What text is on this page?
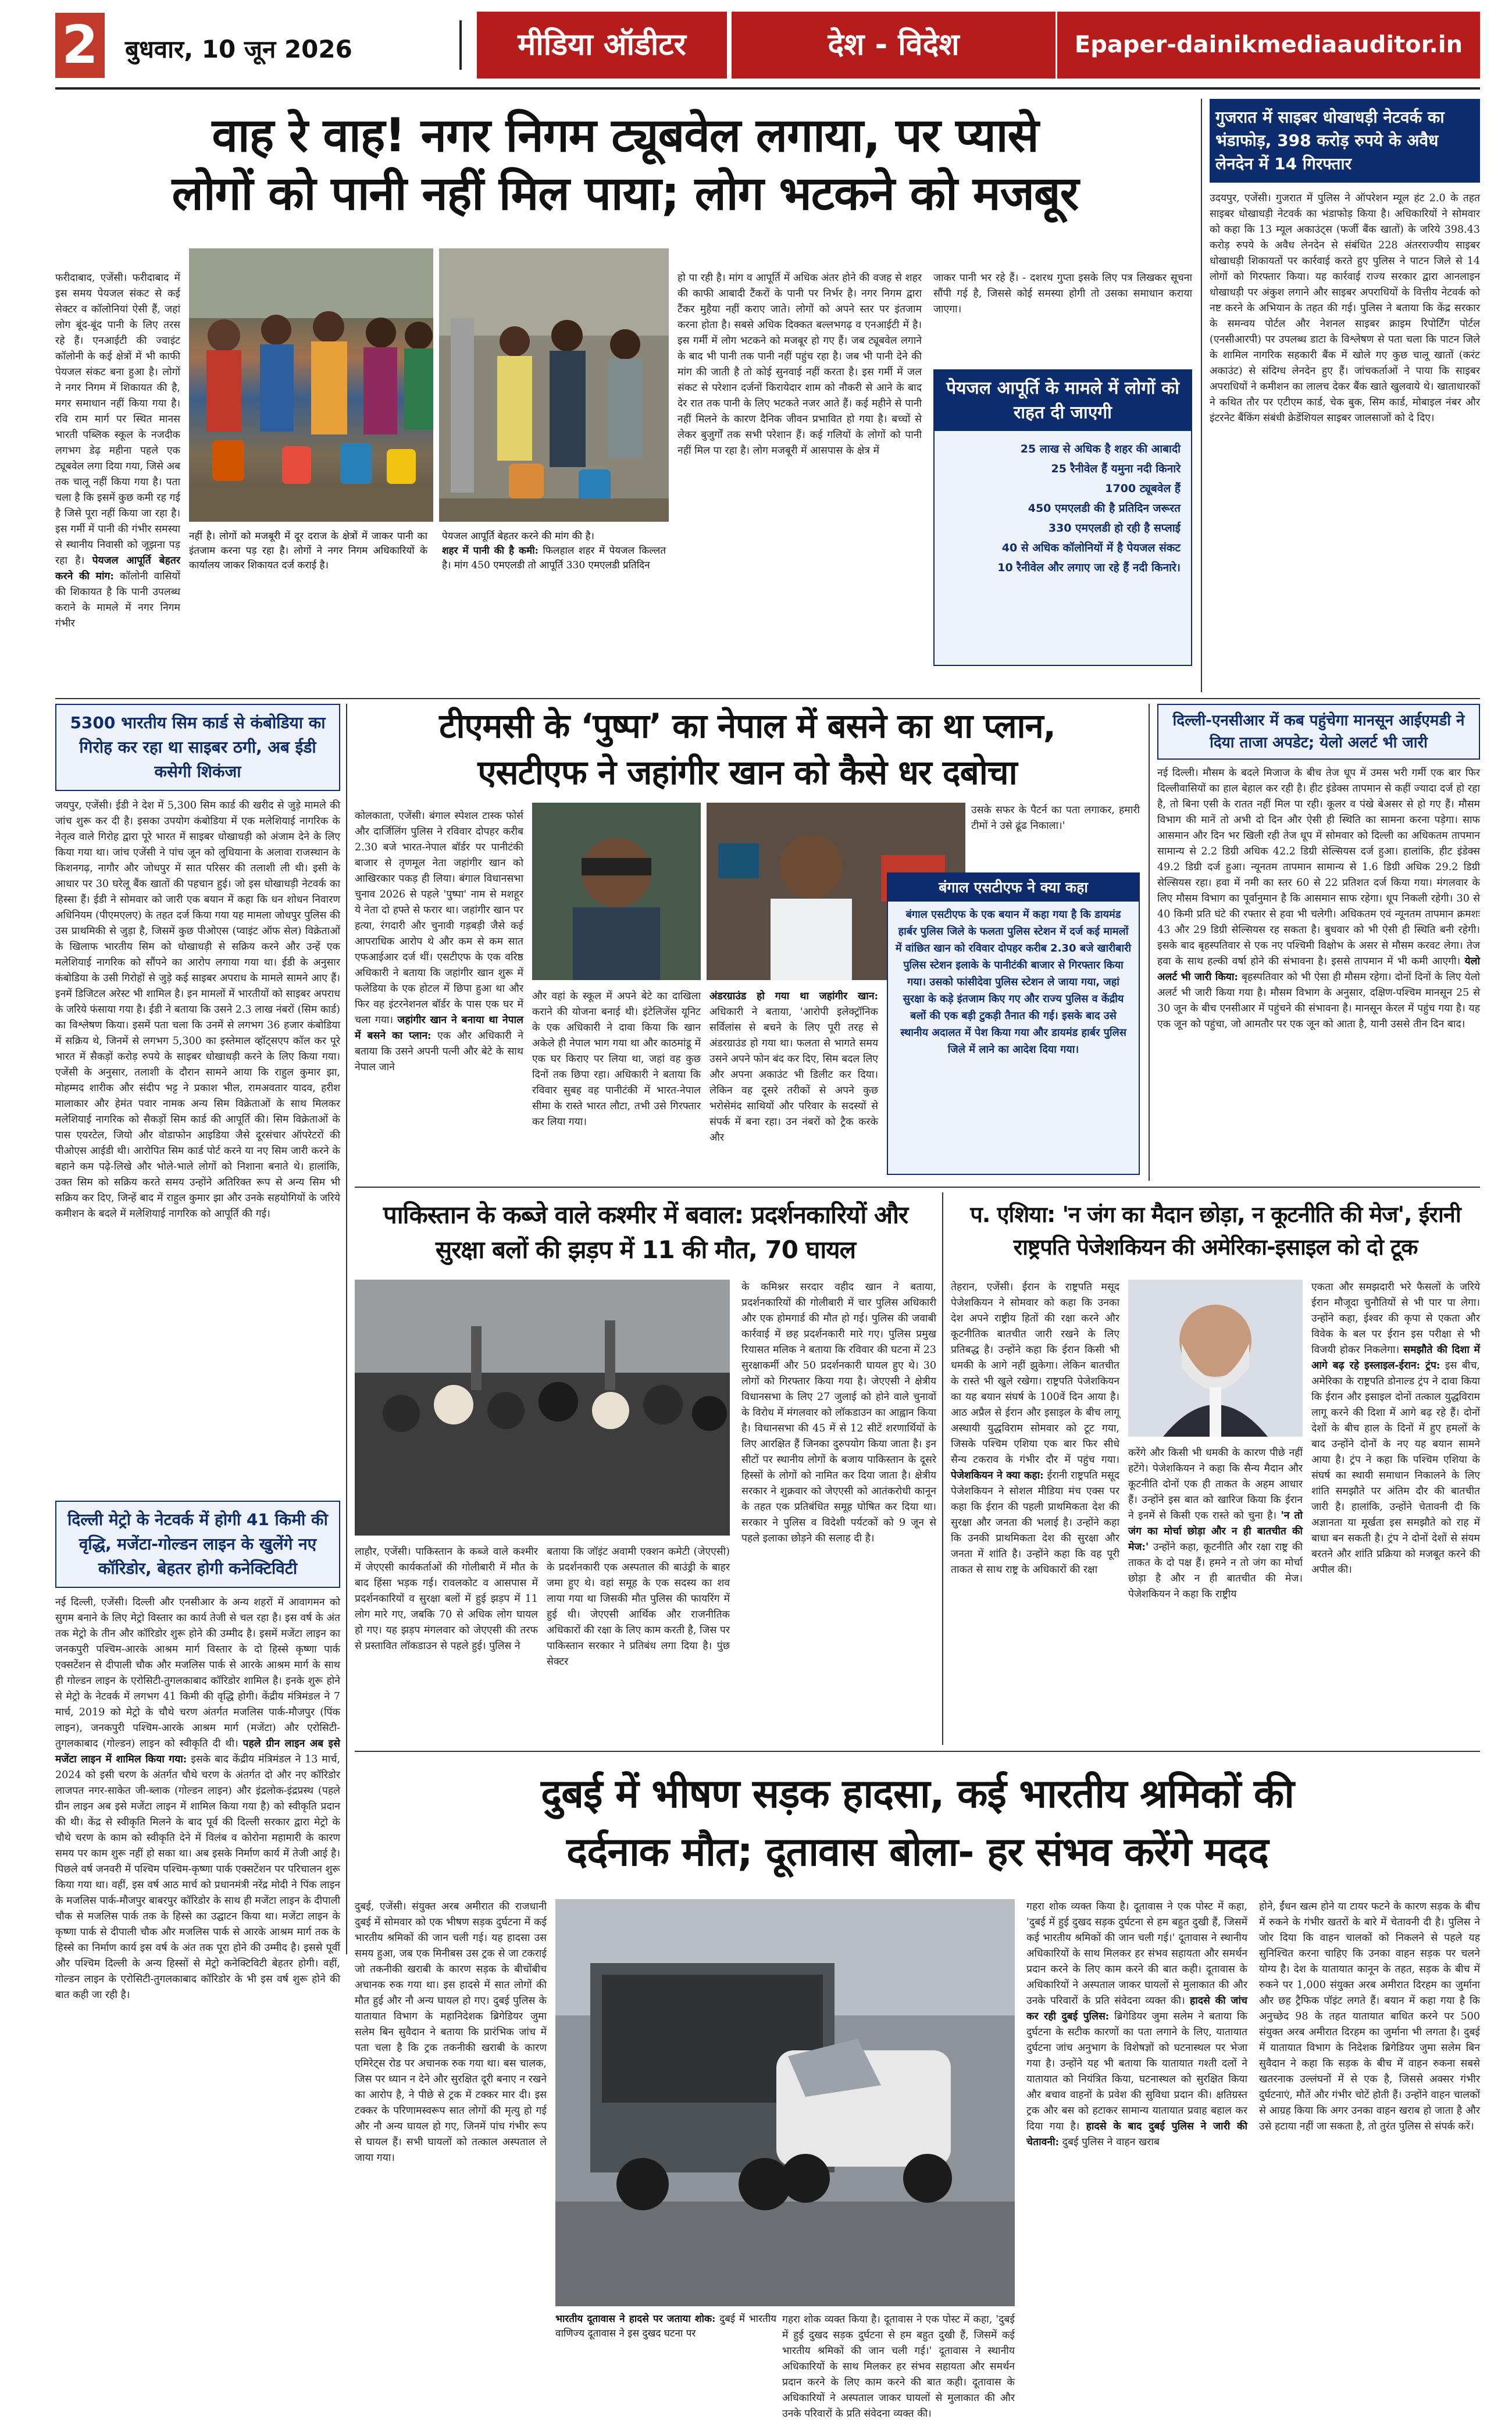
2 बुधवार, 10 जून 2026	मीडिया ऑडीटर	देश - विदेश	Epaper-dainikmediaauditor.in
वाह रे वाह! नगर निगम ट्यूबवेल लगाया, पर प्यासे
लोगों को पानी नहीं मिल पाया; लोग भटकने को मजबूर
फरीदाबाद, एजेंसी। फरीदाबाद में इस समय पेयजल संकट से कई सेक्टर व कॉलोनियां ऐसी हैं, जहां लोग बूंद-बूंद पानी के लिए तरस रहे हैं। एनआईटी की ज्वाइंट कॉलोनी के कई क्षेत्रों में भी काफी पेयजल संकट बना हुआ है। लोगों ने नगर निगम में शिकायत की है, मगर समाधान नहीं किया गया है। रवि राम मार्ग पर स्थित मानस भारती पब्लिक स्कूल के नजदीक लगभग डेढ़ महीना पहले एक ट्यूबवेल लगा दिया गया, जिसे अब तक चालू नहीं किया गया है। पता चला है कि इसमें कुछ कमी रह गई है जिसे पूरा नहीं किया जा रहा है। इस गर्मी में पानी की गंभीर समस्या से स्थानीय निवासी को जूझना पड़ रहा है। पेयजल आपूर्ति बेहतर करने की मांग: कॉलोनी वासियों की शिकायत है कि पानी उपलब्ध कराने के मामले में नगर निगम गंभीर
नहीं है। लोगों को मजबूरी में दूर दराज के क्षेत्रों में जाकर पानी का इंतजाम करना पड़ रहा है। लोगों ने नगर निगम अधिकारियों के कार्यालय जाकर शिकायत दर्ज कराई है।
पेयजल आपूर्ति बेहतर करने की मांग की है।
शहर में पानी की है कमी: फिलहाल शहर में पेयजल किल्लत है। मांग 450 एमएलडी तो आपूर्ति 330 एमएलडी प्रतिदिन
हो पा रही है। मांग व आपूर्ति में अधिक अंतर होने की वजह से शहर की काफी आबादी टैंकरों के पानी पर निर्भर है। नगर निगम द्वारा टैंकर मुहैया नहीं कराए जाते। लोगों को अपने स्तर पर इंतजाम करना होता है। सबसे अधिक दिक्कत बल्लभगढ़ व एनआईटी में है। इस गर्मी में लोग भटकने को मजबूर हो गए हैं। जब ट्यूबवेल लगाने के बाद भी पानी तक पानी नहीं पहुंच रहा है। जब भी पानी देने की मांग की जाती है तो कोई सुनवाई नहीं करता है। इस गर्मी में जल संकट से परेशान दर्जनों किरायेदार शाम को नौकरी से आने के बाद देर रात तक पानी के लिए भटकते नजर आते हैं। कई महीने से पानी नहीं मिलने के कारण दैनिक जीवन प्रभावित हो गया है। बच्चों से लेकर बुजुर्गों तक सभी परेशान हैं। कई गलियों के लोगों को पानी नहीं मिल पा रहा है। लोग मजबूरी में आसपास के क्षेत्र में
जाकर पानी भर रहे हैं। - दशरथ गुप्ता इसके लिए पत्र लिखकर सूचना सौंपी गई है, जिससे कोई समस्या होगी तो उसका समाधान कराया जाएगा।
पेयजल आपूर्ति के मामले में लोगों को राहत दी जाएगी
25 लाख से अधिक है शहर की आबादी
25 रैनीवेल हैं यमुना नदी किनारे
1700 ट्यूबवेल हैं
450 एमएलडी की है प्रतिदिन जरूरत
330 एमएलडी हो रही है सप्लाई
40 से अधिक कॉलोनियों में है पेयजल संकट
10 रैनीवेल और लगाए जा रहे हैं नदी किनारे।
गुजरात में साइबर धोखाधड़ी नेटवर्क का भंडाफोड़, 398 करोड़ रुपये के अवैध लेनदेन में 14 गिरफ्तार
उदयपुर, एजेंसी। गुजरात में पुलिस ने ऑपरेशन म्यूल हंट 2.0 के तहत साइबर धोखाधड़ी नेटवर्क का भंडाफोड़ किया है। अधिकारियों ने सोमवार को कहा कि 13 म्यूल अकाउंट्स (फर्जी बैंक खातों) के जरिये 398.43 करोड़ रुपये के अवैध लेनदेन से संबंधित 228 अंतरराज्यीय साइबर धोखाधड़ी शिकायतों पर कार्रवाई करते हुए पुलिस ने पाटन जिले से 14 लोगों को गिरफ्तार किया। यह कार्रवाई राज्य सरकार द्वारा आनलाइन धोखाधड़ी पर अंकुश लगाने और साइबर अपराधियों के वित्तीय नेटवर्क को नष्ट करने के अभियान के तहत की गई। पुलिस ने बताया कि केंद्र सरकार के समन्वय पोर्टल और नेशनल साइबर क्राइम रिपोर्टिंग पोर्टल (एनसीआरपी) पर उपलब्ध डाटा के विश्लेषण से पता चला कि पाटन जिले के शामिल नागरिक सहकारी बैंक में खोले गए कुछ चालू खातों (करंट अकाउंट) से संदिग्ध लेनदेन हुए हैं। जांचकर्ताओं ने पाया कि साइबर अपराधियों ने कमीशन का लालच देकर बैंक खाते खुलवाये थे। खाताधारकों ने कथित तौर पर एटीएम कार्ड, चेक बुक, सिम कार्ड, मोबाइल नंबर और इंटरनेट बैंकिंग संबंधी क्रेडेंशियल साइबर जालसाजों को दे दिए।
5300 भारतीय सिम कार्ड से कंबोडिया का गिरोह कर रहा था साइबर ठगी, अब ईडी कसेगी शिकंजा
जयपुर, एजेंसी। ईडी ने देश में 5,300 सिम कार्ड की खरीद से जुड़े मामले की जांच शुरू कर दी है। इसका उपयोग कंबोडिया में एक मलेशियाई नागरिक के नेतृत्व वाले गिरोह द्वारा पूरे भारत में साइबर धोखाधड़ी को अंजाम देने के लिए किया गया था। जांच एजेंसी ने पांच जून को लुधियाना के अलावा राजस्थान के किशनगढ़, नागौर और जोधपुर में सात परिसर की तलाशी ली थी। इसी के आधार पर 30 घरेलू बैंक खातों की पहचान हुई। जो इस धोखाधड़ी नेटवर्क का हिस्सा हैं। ईडी ने सोमवार को जारी एक बयान में कहा कि धन शोधन निवारण अधिनियम (पीएमएलए) के तहत दर्ज किया गया यह मामला जोधपुर पुलिस की उस प्राथमिकी से जुड़ा है, जिसमें कुछ पीओएस (प्वाइंट ऑफ सेल) विक्रेताओं के खिलाफ भारतीय सिम को धोखाधड़ी से सक्रिय करने और उन्हें एक मलेशियाई नागरिक को सौंपने का आरोप लगाया गया था। ईडी के अनुसार कंबोडिया के उसी गिरोहों से जुड़े कई साइबर अपराध के मामले सामने आए हैं। इनमें डिजिटल अरेस्ट भी शामिल है। इन मामलों में भारतीयों को साइबर अपराध के जरिये फंसाया गया है। ईडी ने बताया कि उसने 2.3 लाख नंबरों (सिम कार्ड) का विश्लेषण किया। इसमें पता चला कि उनमें से लगभग 36 हजार कंबोडिया में सक्रिय थे, जिनमें से लगभग 5,300 का इस्तेमाल व्हॉट्सएप कॉल कर पूरे भारत में सैकड़ों करोड़ रुपये के साइबर धोखाधड़ी करने के लिए किया गया। एजेंसी के अनुसार, तलाशी के दौरान सामने आया कि राहुल कुमार झा, मोहम्मद शारीक और संदीप भट्ट ने प्रकाश भील, रामअवतार यादव, हरीश मालाकार और हेमंत पवार नामक अन्य सिम विक्रेताओं के साथ मिलकर मलेशियाई नागरिक को सैकड़ों सिम कार्ड की आपूर्ति की। सिम विक्रेताओं के पास एयरटेल, जियो और वोडाफोन आइडिया जैसे दूरसंचार ऑपरेटरों की पीओएस आईडी थी। आरोपित सिम कार्ड पोर्ट करने या नए सिम जारी करने के बहाने कम पढ़े-लिखे और भोले-भाले लोगों को निशाना बनाते थे। हालांकि, उक्त सिम को सक्रिय करते समय उन्होंने अतिरिक्त रूप से अन्य सिम भी सक्रिय कर दिए, जिन्हें बाद में राहुल कुमार झा और उनके सहयोगियों के जरिये कमीशन के बदले में मलेशियाई नागरिक को आपूर्ति की गई।
दिल्ली मेट्रो के नेटवर्क में होगी 41 किमी की वृद्धि, मजेंटा-गोल्डन लाइन के खुलेंगे नए कॉरिडोर, बेहतर होगी कनेक्टिविटी
नई दिल्ली, एजेंसी। दिल्ली और एनसीआर के अन्य शहरों में आवागमन को सुगम बनाने के लिए मेट्रो विस्तार का कार्य तेजी से चल रहा है। इस वर्ष के अंत तक मेट्रो के तीन और कॉरिडोर शुरू होने की उम्मीद है। इसमें मजेंटा लाइन का जनकपुरी पश्चिम-आरके आश्रम मार्ग विस्तार के दो हिस्से कृष्णा पार्क एक्सटेंशन से दीपाली चौक और मजलिस पार्क से आरके आश्रम मार्ग के साथ ही गोल्डन लाइन के एरोसिटी-तुगलकाबाद कॉरिडोर शामिल है। इनके शुरू होने से मेट्रो के नेटवर्क में लगभग 41 किमी की वृद्धि होगी। केंद्रीय मंत्रिमंडल ने 7 मार्च, 2019 को मेट्रो के चौथे चरण अंतर्गत मजलिस पार्क-मौजपुर (पिंक लाइन), जनकपुरी पश्चिम-आरके आश्रम मार्ग (मजेंटा) और एरोसिटी-तुगलकाबाद (गोल्डन) लाइन को स्वीकृति दी थी। पहले ग्रीन लाइन अब इसे मजेंटा लाइन में शामिल किया गया: इसके बाद केंद्रीय मंत्रिमंडल ने 13 मार्च, 2024 को इसी चरण के अंतर्गत चौथे चरण के अंतर्गत दो और नए कॉरिडोर लाजपत नगर-साकेत जी-ब्लाक (गोल्डन लाइन) और इंद्रलोक-इंद्रप्रस्थ (पहले ग्रीन लाइन अब इसे मजेंटा लाइन में शामिल किया गया है) को स्वीकृति प्रदान की थी। केंद्र से स्वीकृति मिलने के बाद पूर्व की दिल्ली सरकार द्वारा मेट्रो के चौथे चरण के काम को स्वीकृति देने में विलंब व कोरोना महामारी के कारण समय पर काम शुरू नहीं हो सका था। अब इसके निर्माण कार्य में तेजी आई है। पिछले वर्ष जनवरी में पश्चिम पश्चिम-कृष्णा पार्क एक्सटेंशन पर परिचालन शुरू किया गया था। वहीं, इस वर्ष आठ मार्च को प्रधानमंत्री नरेंद्र मोदी ने पिंक लाइन के मजलिस पार्क-मौजपुर बाबरपुर कॉरिडोर के साथ ही मजेंटा लाइन के दीपाली चौक से मजलिस पार्क तक के हिस्से का उद्घाटन किया था। मजेंटा लाइन के कृष्णा पार्क से दीपाली चौक और मजलिस पार्क से आरके आश्रम मार्ग तक के हिस्से का निर्माण कार्य इस वर्ष के अंत तक पूरा होने की उम्मीद है। इससे पूर्वी और पश्चिम दिल्ली के अन्य हिस्सों से मेट्रो कनेक्टिविटी बेहतर होगी। वहीं, गोल्डन लाइन के एरोसिटी-तुगलकाबाद कॉरिडोर के भी इस वर्ष शुरू होने की बात कही जा रही है।
टीएमसी के ‘पुष्पा’ का नेपाल में बसने का था प्लान,
एसटीएफ ने जहांगीर खान को कैसे धर दबोचा
कोलकाता, एजेंसी। बंगाल स्पेशल टास्क फोर्स और दार्जिलिंग पुलिस ने रविवार दोपहर करीब 2.30 बजे भारत-नेपाल बॉर्डर पर पानीटंकी बाजार से तृणमूल नेता जहांगीर खान को आखिरकार पकड़ ही लिया। बंगाल विधानसभा चुनाव 2026 से पहले 'पुष्पा' नाम से मशहूर ये नेता दो हफ्ते से फरार था। जहांगीर खान पर हत्या, रंगदारी और चुनावी गड़बड़ी जैसे कई आपराधिक आरोप थे और कम से कम सात एफआईआर दर्ज थीं। एसटीएफ के एक वरिष्ठ अधिकारी ने बताया कि जहांगीर खान शुरू में फलेडिया के एक होटल में छिपा हुआ था और फिर वह इंटरनेशनल बॉर्डर के पास एक घर में चला गया। जहांगीर खान ने बनाया था नेपाल में बसने का प्लान: एक और अधिकारी ने बताया कि उसने अपनी पत्नी और बेटे के साथ नेपाल जाने
और वहां के स्कूल में अपने बेटे का दाखिला कराने की योजना बनाई थी। इंटेलिजेंस यूनिट के एक अधिकारी ने दावा किया कि खान अकेले ही नेपाल भाग गया था और काठमांडू में एक घर किराए पर लिया था, जहां वह कुछ दिनों तक छिपा रहा। अधिकारी ने बताया कि रविवार सुबह वह पानीटंकी में भारत-नेपाल सीमा के रास्ते भारत लौटा, तभी उसे गिरफ्तार कर लिया गया।
अंडरग्राउंड हो गया था जहांगीर खान: अधिकारी ने बताया, 'आरोपी इलेक्ट्रॉनिक सर्विलांस से बचने के लिए पूरी तरह से अंडरग्राउंड हो गया था। फलता से भागते समय उसने अपने फोन बंद कर दिए, सिम बदल लिए और अपना अकाउंट भी डिलीट कर दिया। लेकिन वह दूसरे तरीकों से अपने कुछ भरोसेमंद साथियों और परिवार के सदस्यों से संपर्क में बना रहा। उन नंबरों को ट्रैक करके और
उसके सफर के पैटर्न का पता लगाकर, हमारी टीमों ने उसे ढूंढ निकाला।'
बंगाल एसटीएफ ने क्या कहा
बंगाल एसटीएफ के एक बयान में कहा गया है कि डायमंड हार्बर पुलिस जिले के फलता पुलिस स्टेशन में दर्ज कई मामलों में वांछित खान को रविवार दोपहर करीब 2.30 बजे खारीबारी पुलिस स्टेशन इलाके के पानीटंकी बाजार से गिरफ्तार किया गया। उसको फांसीदेवा पुलिस स्टेशन ले जाया गया, जहां सुरक्षा के कड़े इंतजाम किए गए और राज्य पुलिस व केंद्रीय बलों की एक बड़ी टुकड़ी तैनात की गई। इसके बाद उसे स्थानीय अदालत में पेश किया गया और डायमंड हार्बर पुलिस जिले में लाने का आदेश दिया गया।
दिल्ली-एनसीआर में कब पहुंचेगा मानसून आईएमडी ने दिया ताजा अपडेट; येलो अलर्ट भी जारी
नई दिल्ली। मौसम के बदले मिजाज के बीच तेज धूप में उमस भरी गर्मी एक बार फिर दिल्लीवासियों का हाल बेहाल कर रही है। हीट इंडेक्स तापमान से कहीं ज्यादा दर्ज हो रहा है, तो बिना एसी के रातत नहीं मिल पा रही। कूलर व पंखे बेअसर से हो गए हैं। मौसम विभाग की मानें तो अभी दो दिन और ऐसी ही स्थिति का सामना करना पड़ेगा। साफ आसमान और दिन भर खिली रही तेज धूप में सोमवार को दिल्ली का अधिकतम तापमान सामान्य से 2.2 डिग्री अधिक 42.2 डिग्री सेल्सियस दर्ज हुआ। हालांकि, हीट इंडेक्स 49.2 डिग्री दर्ज हुआ। न्यूनतम तापमान सामान्य से 1.6 डिग्री अधिक 29.2 डिग्री सेल्सियस रहा। हवा में नमी का स्तर 60 से 22 प्रतिशत दर्ज किया गया। मंगलवार के लिए मौसम विभाग का पूर्वानुमान है कि आसमान साफ रहेगा। धूप निकली रहेगी। 30 से 40 किमी प्रति घंटे की रफ्तार से हवा भी चलेगी। अधिकतम एवं न्यूनतम तापमान क्रमशः 43 और 29 डिग्री सेल्सियस रह सकता है। बुधवार को भी ऐसी ही स्थिति बनी रहेगी। इसके बाद बृहस्पतिवार से एक नए पश्चिमी विक्षोभ के असर से मौसम करवट लेगा। तेज हवा के साथ हल्की वर्षा होने की संभावना है। इससे तापमान में भी कमी आएगी। येलो अलर्ट भी जारी किया: बृहस्पतिवार को भी ऐसा ही मौसम रहेगा। दोनों दिनों के लिए येलो अलर्ट भी जारी किया गया है। मौसम विभाग के अनुसार, दक्षिण-पश्चिम मानसून 25 से 30 जून के बीच एनसीआर में पहुंचने की संभावना है। मानसून केरल में पहुंच गया है। यह एक जून को पहुंचा, जो आमतौर पर एक जून को आता है, यानी उससे तीन दिन बाद।
पाकिस्तान के कब्जे वाले कश्मीर में बवाल: प्रदर्शनकारियों और
सुरक्षा बलों की झड़प में 11 की मौत, 70 घायल
लाहौर, एजेंसी। पाकिस्तान के कब्जे वाले कश्मीर में जेएएसी कार्यकर्ताओं की गोलीबारी में मौत के बाद हिंसा भड़क गई। रावलकोट व आसपास में प्रदर्शनकारियों व सुरक्षा बलों में हुई झड़प में 11 लोग मारे गए, जबकि 70 से अधिक लोग घायल हो गए। यह झड़प मंगलवार को जेएएसी की तरफ से प्रस्तावित लॉकडाउन से पहले हुई। पुलिस ने
बताया कि जॉइंट अवामी एक्शन कमेटी (जेएएसी) के प्रदर्शनकारी एक अस्पताल की बाउंड्री के बाहर जमा हुए थे। वहां समूह के एक सदस्य का शव लाया गया था जिसकी मौत पुलिस की फायरिंग में हुई थी। जेएएसी आर्थिक और राजनीतिक अधिकारों की रक्षा के लिए काम करती है, जिस पर पाकिस्तान सरकार ने प्रतिबंध लगा दिया है। पुंछ सेक्टर
के कमिश्नर सरदार वहीद खान ने बताया, प्रदर्शनकारियों की गोलीबारी में चार पुलिस अधिकारी और एक होमगार्ड की मौत हो गई। पुलिस की जवाबी कार्रवाई में छह प्रदर्शनकारी मारे गए। पुलिस प्रमुख रियासत मलिक ने बताया कि रविवार की घटना में 23 सुरक्षाकर्मी और 50 प्रदर्शनकारी घायल हुए थे। 30 लोगों को गिरफ्तार किया गया है। जेएएसी ने क्षेत्रीय विधानसभा के लिए 27 जुलाई को होने वाले चुनावों के विरोध में मंगलवार को लॉकडाउन का आह्वान किया है। विधानसभा की 45 में से 12 सीटें शरणार्थियों के लिए आरक्षित हैं जिनका दुरुपयोग किया जाता है। इन सीटों पर स्थानीय लोगों के बजाय पाकिस्तान के दूसरे हिस्सों के लोगों को नामित कर दिया जाता है। क्षेत्रीय सरकार ने शुक्रवार को जेएएसी को आतंकरोधी कानून के तहत एक प्रतिबंधित समूह घोषित कर दिया था। सरकार ने पुलिस व विदेशी पर्यटकों को 9 जून से पहले इलाका छोड़ने की सलाह दी है।
प. एशिया: 'न जंग का मैदान छोड़ा, न कूटनीति की मेज', ईरानी राष्ट्रपति पेजेशकियन की अमेरिका-इसाइल को दो टूक
तेहरान, एजेंसी। ईरान के राष्ट्रपति मसूद पेजेशकियन ने सोमवार को कहा कि उनका देश अपने राष्ट्रीय हितों की रक्षा करने और कूटनीतिक बातचीत जारी रखने के लिए प्रतिबद्ध है। उन्होंने कहा कि ईरान किसी भी धमकी के आगे नहीं झुकेगा। लेकिन बातचीत के रास्ते भी खुले रखेगा। राष्ट्रपति पेजेशकियन का यह बयान संघर्ष के 100वें दिन आया है। आठ अप्रैल से ईरान और इसाइल के बीच लागू अस्थायी युद्धविराम सोमवार को टूट गया, जिसके पश्चिम एशिया एक बार फिर सीधे सैन्य टकराव के गंभीर दौर में पहुंच गया। पेजेशकियन ने क्या कहा: ईरानी राष्ट्रपति मसूद पेजेशकियन ने सोशल मीडिया मंच एक्स पर कहा कि ईरान की पहली प्राथमिकता देश की सुरक्षा और जनता की भलाई है। उन्होंने कहा कि उनकी प्राथमिकता देश की सुरक्षा और जनता में शांति है। उन्होंने कहा कि वह पूरी ताकत से साथ राष्ट्र के अधिकारों की रक्षा
करेंगे और किसी भी धमकी के कारण पीछे नहीं हटेंगे। पेजेशकियन ने कहा कि सैन्य मैदान और कूटनीति दोनों एक ही ताकत के अहम आधार हैं। उन्होंने इस बात को खारिज किया कि ईरान ने इनमें से किसी एक रास्ते को चुना है। 'न तो जंग का मोर्चा छोड़ा और न ही बातचीत की मेज:' उन्होंने कहा, कूटनीति और रक्षा राष्ट्र की ताकत के दो पक्ष हैं। हमने न तो जंग का मोर्चा छोड़ा है और न ही बातचीत की मेज। पेजेशकियन ने कहा कि राष्ट्रीय
एकता और समझदारी भरे फैसलों के जरिये ईरान मौजूदा चुनौतियों से भी पार पा लेगा। उन्होंने कहा, ईश्वर की कृपा से एकता और विवेक के बल पर ईरान इस परीक्षा से भी विजयी होकर निकलेगा। समझौते की दिशा में आगे बढ़ रहे इस्लाइल-ईरान: ट्रंप: इस बीच, अमेरिका के राष्ट्रपति डोनाल्ड ट्रंप ने दावा किया कि ईरान और इसाइल दोनों तत्काल युद्धविराम लागू करने की दिशा में आगे बढ़ रहे हैं। दोनों देशों के बीच हाल के दिनों में हुए हमलों के बाद उन्होंने दोनों के नए यह बयान सामने आया है। ट्रंप ने कहा कि पश्चिम एशिया के संघर्ष का स्थायी समाधान निकालने के लिए शांति समझौते पर अंतिम दौर की बातचीत जारी है। हालांकि, उन्होंने चेतावनी दी कि अज्ञानता या मूर्खता इस समझौते को राह में बाधा बन सकती है। ट्रंप ने दोनों देशों से संयम बरतने और शांति प्रक्रिया को मजबूत करने की अपील की।
दुबई में भीषण सड़क हादसा, कई भारतीय श्रमिकों की
दर्दनाक मौत; दूतावास बोला- हर संभव करेंगे मदद
दुबई, एजेंसी। संयुक्त अरब अमीरात की राजधानी दुबई में सोमवार को एक भीषण सड़क दुर्घटना में कई भारतीय श्रमिकों की जान चली गई। यह हादसा उस समय हुआ, जब एक मिनीबस उस ट्रक से जा टकराई जो तकनीकी खराबी के कारण सड़क के बीचोंबीच अचानक रुक गया था। इस हादसे में सात लोगों की मौत हुई और नौ अन्य घायल हो गए। दुबई पुलिस के यातायात विभाग के महानिदेशक ब्रिगेडियर जुमा सलेम बिन सुवैदान ने बताया कि प्रारंभिक जांच में पता चला है कि ट्रक तकनीकी खराबी के कारण एमिरेट्स रोड पर अचानक रुक गया था। बस चालक, जिस पर ध्यान न देने और सुरक्षित दूरी बनाए न रखने का आरोप है, ने पीछे से ट्रक में टक्कर मार दी। इस टक्कर के परिणामस्वरूप सात लोगों की मृत्यु हो गई और नौ अन्य घायल हो गए, जिनमें पांच गंभीर रूप से घायल हैं। सभी घायलों को तत्काल अस्पताल ले जाया गया।
भारतीय दूतावास ने हादसे पर जताया शोक: दुबई में भारतीय वाणिज्य दूतावास ने इस दुखद घटना पर
गहरा शोक व्यक्त किया है। दूतावास ने एक पोस्ट में कहा, 'दुबई में हुई दुखद सड़क दुर्घटना से हम बहुत दुखी हैं, जिसमें कई भारतीय श्रमिकों की जान चली गई।' दूतावास ने स्थानीय अधिकारियों के साथ मिलकर हर संभव सहायता और समर्थन प्रदान करने के लिए काम करने की बात कही। दूतावास के अधिकारियों ने अस्पताल जाकर घायलों से मुलाकात की और उनके परिवारों के प्रति संवेदना व्यक्त की।
गहरा शोक व्यक्त किया है। दूतावास ने एक पोस्ट में कहा, 'दुबई में हुई दुखद सड़क दुर्घटना से हम बहुत दुखी हैं, जिसमें कई भारतीय श्रमिकों की जान चली गई।' दूतावास ने स्थानीय अधिकारियों के साथ मिलकर हर संभव सहायता और समर्थन प्रदान करने के लिए काम करने की बात कही। दूतावास के अधिकारियों ने अस्पताल जाकर घायलों से मुलाकात की और उनके परिवारों के प्रति संवेदना व्यक्त की। हादसे की जांच कर रही दुबई पुलिस: ब्रिगेडियर जुमा सलेम ने बताया कि दुर्घटना के सटीक कारणों का पता लगाने के लिए, यातायात दुर्घटना जांच अनुभाग के विशेषज्ञों को घटनास्थल पर भेजा गया है। उन्होंने यह भी बताया कि यातायात गश्ती दलों ने यातायात को नियंत्रित किया, घटनास्थल को सुरक्षित किया और बचाव वाहनों के प्रवेश की सुविधा प्रदान की। क्षतिग्रस्त ट्रक और बस को हटाकर सामान्य यातायात प्रवाह बहाल कर दिया गया है। हादसे के बाद दुबई पुलिस ने जारी की चेतावनी: दुबई पुलिस ने वाहन खराब
होने, ईंधन खत्म होने या टायर फटने के कारण सड़क के बीच में रुकने के गंभीर खतरों के बारे में चेतावनी दी है। पुलिस ने जोर दिया कि वाहन चालकों को निकलने से पहले यह सुनिश्चित करना चाहिए कि उनका वाहन सड़क पर चलने योग्य है। देश के यातायात कानून के तहत, सड़क के बीच में रुकने पर 1,000 संयुक्त अरब अमीरात दिरहम का जुर्माना और छह ट्रैफिक पॉइंट लगते हैं। बयान में कहा गया है कि अनुच्छेद 98 के तहत यातायात बाधित करने पर 500 संयुक्त अरब अमीरात दिरहम का जुर्माना भी लगता है। दुबई में यातायात विभाग के निदेशक ब्रिगेडियर जुमा सलेम बिन सुवैदान ने कहा कि सड़क के बीच में वाहन रुकना सबसे खतरनाक उल्लंघनों में से एक है, जिससे अक्सर गंभीर दुर्घटनाएं, मौतें और गंभीर चोटें होती हैं। उन्होंने वाहन चालकों से आग्रह किया कि अगर उनका वाहन खराब हो जाता है और उसे हटाया नहीं जा सकता है, तो तुरंत पुलिस से संपर्क करें।
